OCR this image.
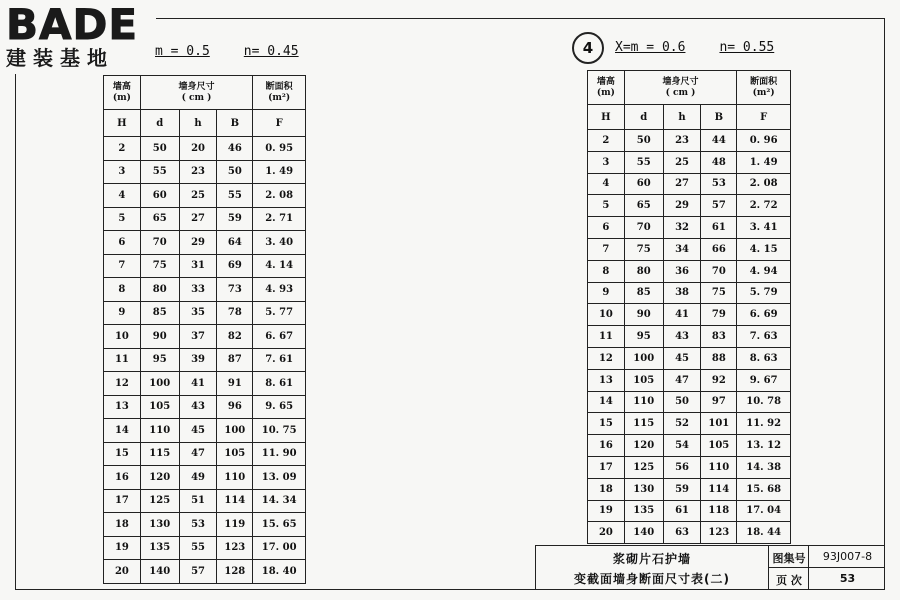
BADE
建装基地	m = 0.5	n= 0.45	4	X=m = 0.6	n= 0.55
墙高
(m)	墙身尺寸
( cm )			断面积
(m²)
H	d	h	B	F
2	50	20	46	0. 95
3	55	23	50	1. 49
4	60	25	55	2. 08
5	65	27	59	2. 71
6	70	29	64	3. 40
7	75	31	69	4. 14
8	80	33	73	4. 93
9	85	35	78	5. 77
10	90	37	82	6. 67
11	95	39	87	7. 61
12	100	41	91	8. 61
13	105	43	96	9. 65
14	110	45	100	10. 75
15	115	47	105	11. 90
16	120	49	110	13. 09
17	125	51	114	14. 34
18	130	53	119	15. 65
19	135	55	123	17. 00
20	140	57	128	18. 40
墙高
(m)	墙身尺寸
( cm )			断面积
(m²)
H	d	h	B	F
2	50	23	44	0. 96
3	55	25	48	1. 49
4	60	27	53	2. 08
5	65	29	57	2. 72
6	70	32	61	3. 41
7	75	34	66	4. 15
8	80	36	70	4. 94
9	85	38	75	5. 79
10	90	41	79	6. 69
11	95	43	83	7. 63
12	100	45	88	8. 63
13	105	47	92	9. 67
14	110	50	97	10. 78
15	115	52	101	11. 92
16	120	54	105	13. 12
17	125	56	110	14. 38
18	130	59	114	15. 68
19	135	61	118	17. 04
20	140	63	123	18. 44
浆砌片石护墙
变截面墙身断面尺寸表(二)
图集号	93J007-8
页 次	53
